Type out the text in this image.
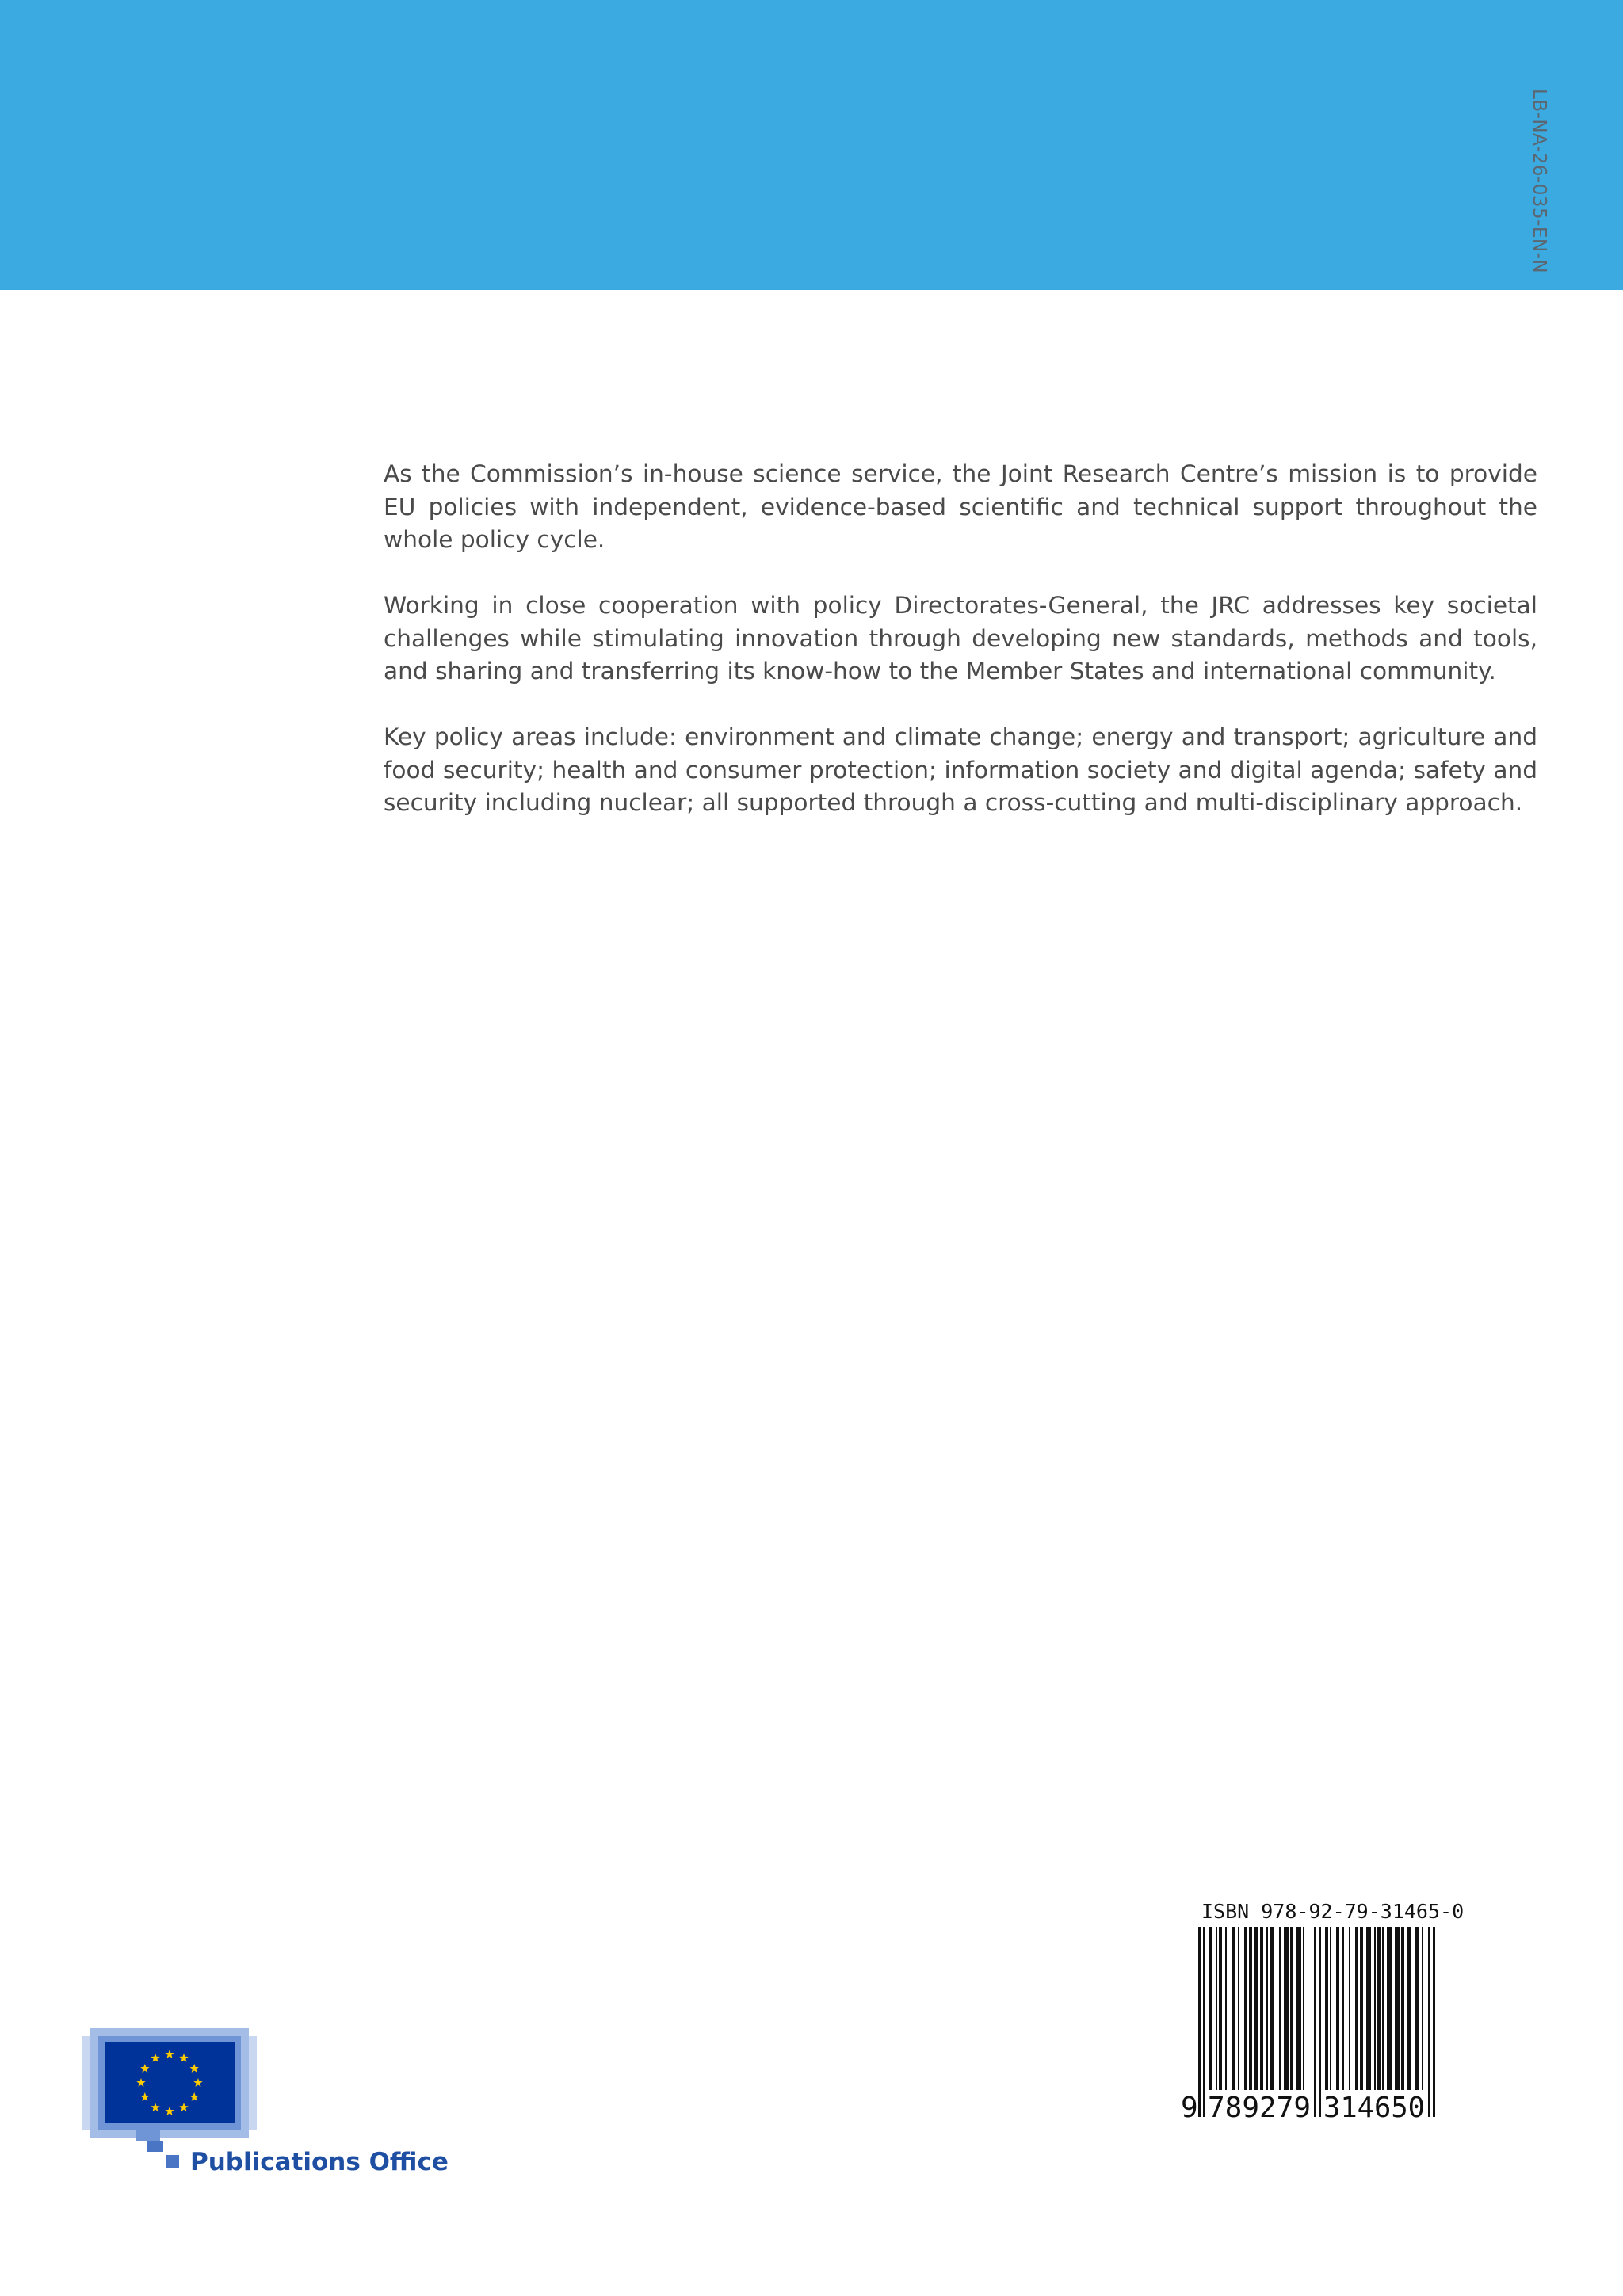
LB-NA-26-035-EN-N

As the Commission’s in-house science service, the Joint Research Centre’s mission is to provide EU policies with independent, evidence-based scientific and technical support throughout the whole policy cycle.

Working in close cooperation with policy Directorates-General, the JRC addresses key societal challenges while stimulating innovation through developing new standards, methods and tools, and sharing and transferring its know-how to the Member States and international community.

Key policy areas include: environment and climate change; energy and transport; agriculture and food security; health and consumer protection; information society and digital agenda; safety and security including nuclear; all supported through a cross-cutting and multi-disciplinary approach.

ISBN 978-92-79-31465-0
9 789279 314650
Publications Office
